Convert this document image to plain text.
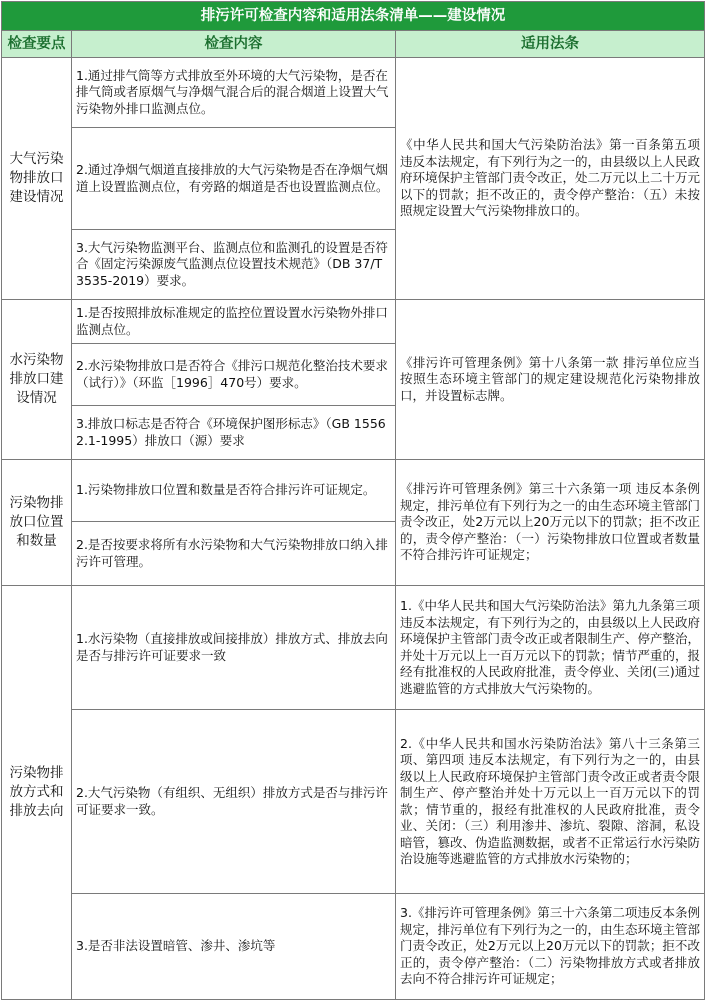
排污许可检查内容和适用法条清单——建设情况		
检查要点	检查内容	适用法条
大气污染物排放口建设情况	1.通过排气筒等方式排放至外环境的大气污染物，是否在排气筒或者原烟气与净烟气混合后的混合烟道上设置大气污染物外排口监测点位。	《中华人民共和国大气污染防治法》第一百条第五项 违反本法规定，有下列行为之一的，由县级以上人民政府环境保护主管部门责令改正，处二万元以上二十万元以下的罚款；拒不改正的，责令停产整治：（五）未按照规定设置大气污染物排放口的。
	2.通过净烟气烟道直接排放的大气污染物是否在净烟气烟道上设置监测点位，有旁路的烟道是否也设置监测点位。	
	3.大气污染物监测平台、监测点位和监测孔的设置是否符合《固定污染源废气监测点位设置技术规范》（DB 37/T 3535-2019）要求。	
水污染物排放口建设情况	1.是否按照排放标准规定的监控位置设置水污染物外排口监测点位。	《排污许可管理条例》第十八条第一款 排污单位应当按照生态环境主管部门的规定建设规范化污染物排放口，并设置标志牌。
	2.水污染物排放口是否符合《排污口规范化整治技术要求（试行）》（环监［1996］470号）要求。	
	3.排放口标志是否符合《环境保护图形标志》（GB 15562.1-1995）排放口（源）要求	
污染物排放口位置和数量	1.污染物排放口位置和数量是否符合排污许可证规定。	《排污许可管理条例》第三十六条第一项 违反本条例规定，排污单位有下列行为之一的由生态环境主管部门责令改正，处2万元以上20万元以下的罚款；拒不改正的，责令停产整治：（一）污染物排放口位置或者数量不符合排污许可证规定；
	2.是否按要求将所有水污染物和大气污染物排放口纳入排污许可管理。	
污染物排放方式和排放去向	1.水污染物（直接排放或间接排放）排放方式、排放去向是否与排污许可证要求一致	1.《中华人民共和国大气污染防治法》第九九条第三项 违反本法规定，有下列行为之的，由县级以上人民政府环境保护主管部门责令改正或者限制生产、停产整治，并处十万元以上一百万元以下的罚款；情节严重的，报经有批准权的人民政府批准，责令停业、关闭(三)通过逃避监管的方式排放大气污染物的。
	2.大气污染物（有组织、无组织）排放方式是否与排污许可证要求一致。	2.《中华人民共和国水污染防治法》第八十三条第三项、第四项 违反本法规定，有下列行为之一的，由县级以上人民政府环境保护主管部门责令改正或者责令限制生产、停产整治并处十万元以上一百万元以下的罚款；情节重的，报经有批准权的人民政府批准，责令业、关闭：（三）利用渗井、渗坑、裂隙、溶洞，私设暗管，篡改、伪造监测数据，或者不正常运行水污染防治设施等逃避监管的方式排放水污染物的；
	3.是否非法设置暗管、渗井、渗坑等	3.《排污许可管理条例》第三十六条第二项违反本条例规定，排污单位有下列行为之一的，由生态环境主管部门责令改正，处2万元以上20万元以下的罚款；拒不改正的，责令停产整治：（二）污染物排放方式或者排放去向不符合排污许可证规定；
